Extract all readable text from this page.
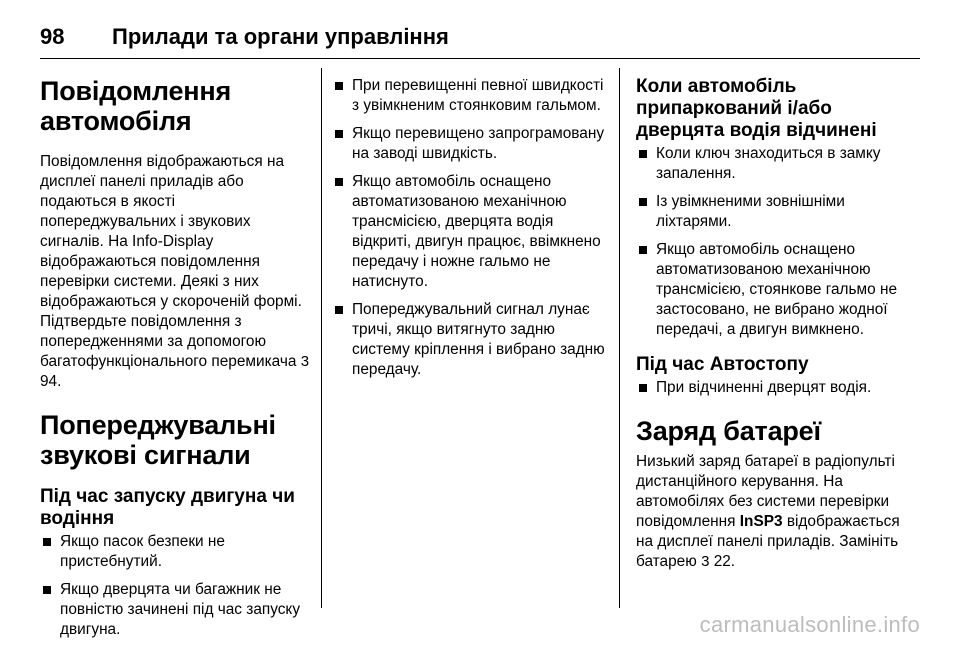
98 Прилади та органи управління
Повідомлення автомобіля

Повідомлення відображаються на дисплеї панелі приладів або подаються в якості попереджувальних і звукових сигналів. На Info-Display відображаються повідомлення перевірки системи. Деякі з них відображаються у скороченій формі. Підтвердьте повідомлення з попередженнями за допомогою багатофункціонального перемикача 3 94.

Попереджувальні звукові сигнали
Під час запуску двигуна чи водіння
Якщо пасок безпеки не пристебнутий.
Якщо дверцята чи багажник не повністю зачинені під час запуску двигуна.
При перевищенні певної швидкості з увімкненим стоянковим гальмом.
Якщо перевищено запрограмовану на заводі швидкість.
Якщо автомобіль оснащено автоматизованою механічною трансмісією, дверцята водія відкриті, двигун працює, ввімкнено передачу і ножне гальмо не натиснуто.
Попереджувальний сигнал лунає тричі, якщо витягнуто задню систему кріплення і вибрано задню передачу.
Коли автомобіль припаркований і/або дверцята водія відчинені
Коли ключ знаходиться в замку запалення.
Із увімкненими зовнішніми ліхтарями.
Якщо автомобіль оснащено автоматизованою механічною трансмісією, стоянкове гальмо не застосовано, не вибрано жодної передачі, а двигун вимкнено.
Під час Автостопу
При відчиненні дверцят водія.
Заряд батареї

Низький заряд батареї в радіопульті дистанційного керування. На автомобілях без системи перевірки повідомлення InSP3 відображається на дисплеї панелі приладів. Замініть батарею 3 22.

carmanualsonline.info
